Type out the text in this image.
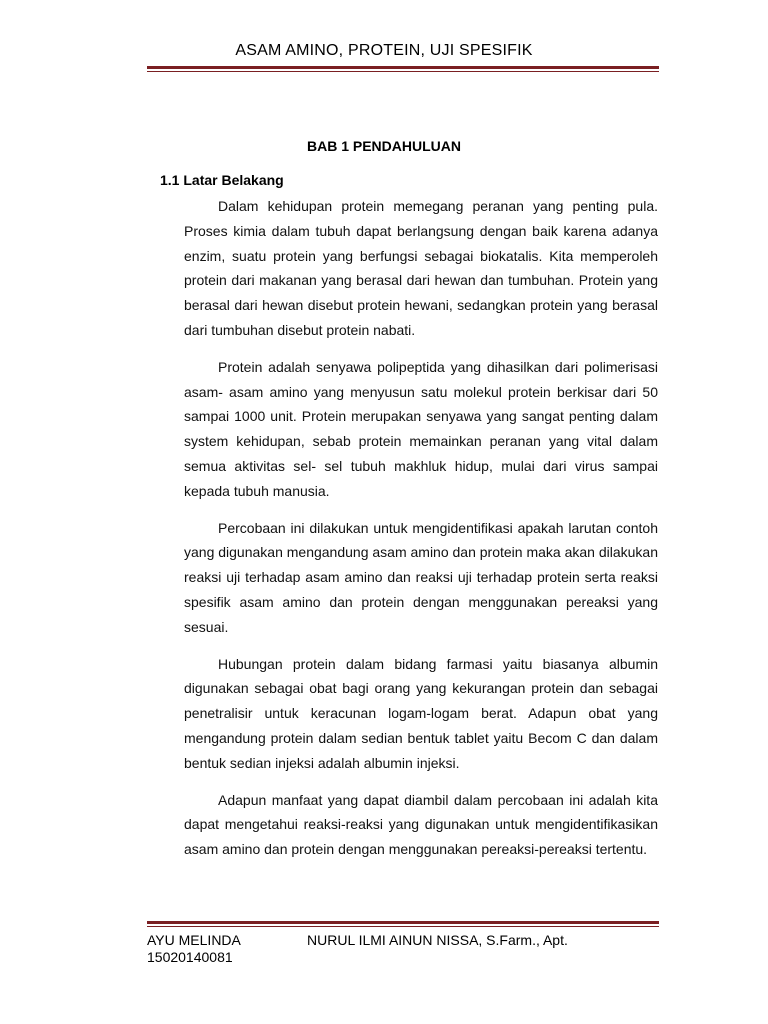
ASAM AMINO, PROTEIN, UJI SPESIFIK
BAB 1 PENDAHULUAN
1.1 Latar Belakang

Dalam kehidupan protein memegang peranan yang penting pula. Proses kimia dalam tubuh dapat berlangsung dengan baik karena adanya enzim, suatu protein yang berfungsi sebagai biokatalis. Kita memperoleh protein dari makanan yang berasal dari hewan dan tumbuhan. Protein yang berasal dari hewan disebut protein hewani, sedangkan protein yang berasal dari tumbuhan disebut protein nabati.

Protein adalah senyawa polipeptida yang dihasilkan dari polimerisasi asam- asam amino yang menyusun satu molekul protein berkisar dari 50 sampai 1000 unit. Protein merupakan senyawa yang sangat penting dalam system kehidupan, sebab protein memainkan peranan yang vital dalam semua aktivitas sel- sel tubuh makhluk hidup, mulai dari virus sampai kepada tubuh manusia.

Percobaan ini dilakukan untuk mengidentifikasi apakah larutan contoh yang digunakan mengandung asam amino dan protein maka akan dilakukan reaksi uji terhadap asam amino dan reaksi uji terhadap protein serta reaksi spesifik asam amino dan protein dengan menggunakan pereaksi yang sesuai.

Hubungan protein dalam bidang farmasi yaitu biasanya albumin digunakan sebagai obat bagi orang yang kekurangan protein dan sebagai penetralisir untuk keracunan logam-logam berat. Adapun obat yang mengandung protein dalam sedian bentuk tablet yaitu Becom C dan dalam bentuk sedian injeksi adalah albumin injeksi.

Adapun manfaat yang dapat diambil dalam percobaan ini adalah kita dapat mengetahui reaksi-reaksi yang digunakan untuk mengidentifikasikan asam amino dan protein dengan menggunakan pereaksi-pereaksi tertentu.

AYU MELINDA
15020140081
NURUL ILMI AINUN NISSA, S.Farm., Apt.
